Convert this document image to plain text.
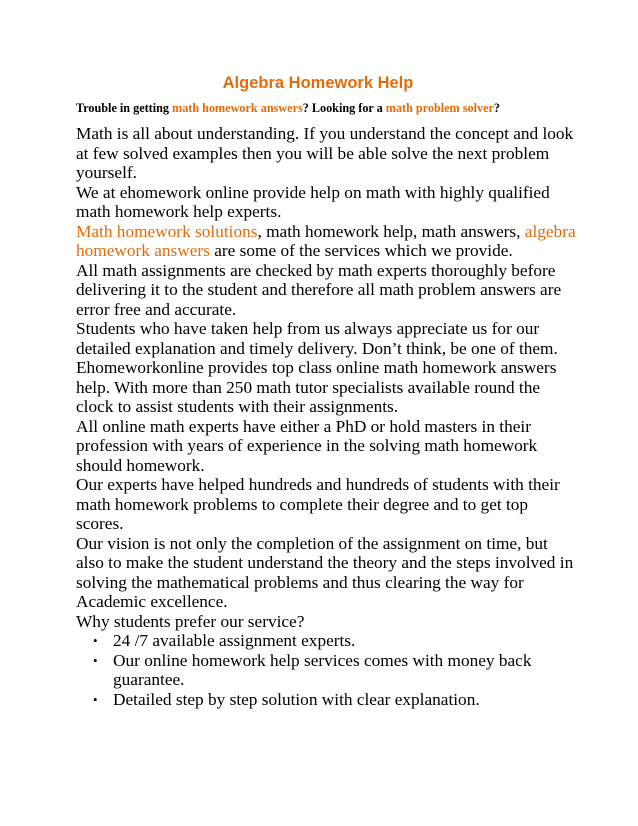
Algebra Homework Help

Trouble in getting math homework answers? Looking for a math problem solver?

Math is all about understanding. If you understand the concept and look at few solved examples then you will be able solve the next problem yourself.

We at ehomework online provide help on math with highly qualified math homework help experts.

Math homework solutions, math homework help, math answers, algebra homework answers are some of the services which we provide.

All math assignments are checked by math experts thoroughly before delivering it to the student and therefore all math problem answers are error free and accurate.

Students who have taken help from us always appreciate us for our detailed explanation and timely delivery. Don’t think, be one of them.

Ehomeworkonline provides top class online math homework answers help. With more than 250 math tutor specialists available round the clock to assist students with their assignments.

All online math experts have either a PhD or hold masters in their profession with years of experience in the solving math homework should homework.

Our experts have helped hundreds and hundreds of students with their math homework problems to complete their degree and to get top scores.

Our vision is not only the completion of the assignment on time, but also to make the student understand the theory and the steps involved in solving the mathematical problems and thus clearing the way for Academic excellence.

Why students prefer our service?

• 24 /7 available assignment experts.
• Our online homework help services comes with money back guarantee.
• Detailed step by step solution with clear explanation.
